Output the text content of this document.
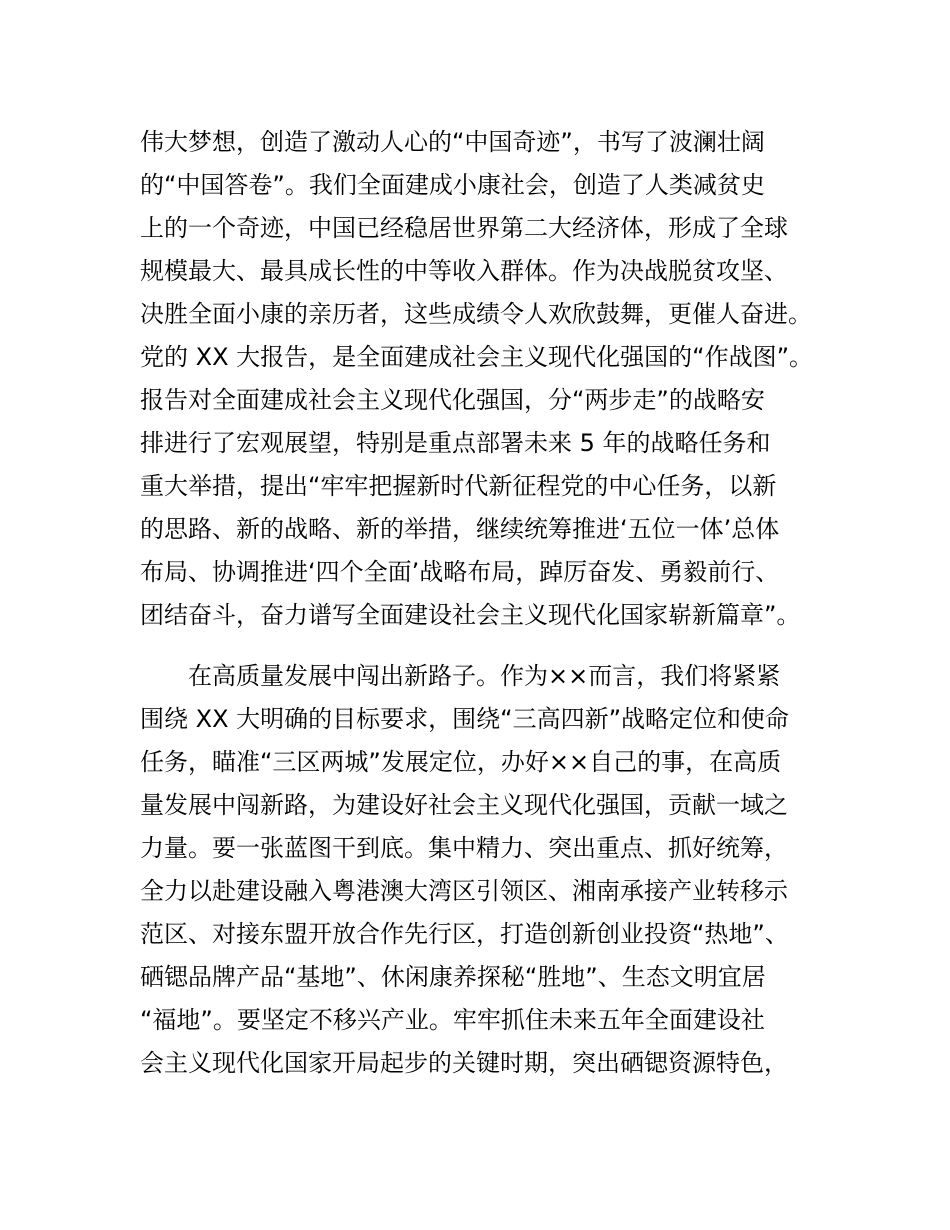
伟大梦想，创造了激动人心的“中国奇迹”，书写了波澜壮阔
的“中国答卷”。我们全面建成小康社会，创造了人类减贫史
上的一个奇迹，中国已经稳居世界第二大经济体，形成了全球
规模最大、最具成长性的中等收入群体。作为决战脱贫攻坚、
决胜全面小康的亲历者，这些成绩令人欢欣鼓舞，更催人奋进。
党的 XX 大报告，是全面建成社会主义现代化强国的“作战图”。
报告对全面建成社会主义现代化强国，分“两步走”的战略安
排进行了宏观展望，特别是重点部署未来 5 年的战略任务和
重大举措，提出“牢牢把握新时代新征程党的中心任务，以新
的思路、新的战略、新的举措，继续统筹推进‘五位一体’总体
布局、协调推进‘四个全面’战略布局，踔厉奋发、勇毅前行、
团结奋斗，奋力谱写全面建设社会主义现代化国家崭新篇章”。
在高质量发展中闯出新路子。作为××而言，我们将紧紧
围绕 XX 大明确的目标要求，围绕“三高四新”战略定位和使命
任务，瞄准“三区两城”发展定位，办好××自己的事，在高质
量发展中闯新路，为建设好社会主义现代化强国，贡献一域之
力量。要一张蓝图干到底。集中精力、突出重点、抓好统筹，
全力以赴建设融入粤港澳大湾区引领区、湘南承接产业转移示
范区、对接东盟开放合作先行区，打造创新创业投资“热地”、
硒锶品牌产品“基地”、休闲康养探秘“胜地”、生态文明宜居
“福地”。要坚定不移兴产业。牢牢抓住未来五年全面建设社
会主义现代化国家开局起步的关键时期，突出硒锶资源特色，
